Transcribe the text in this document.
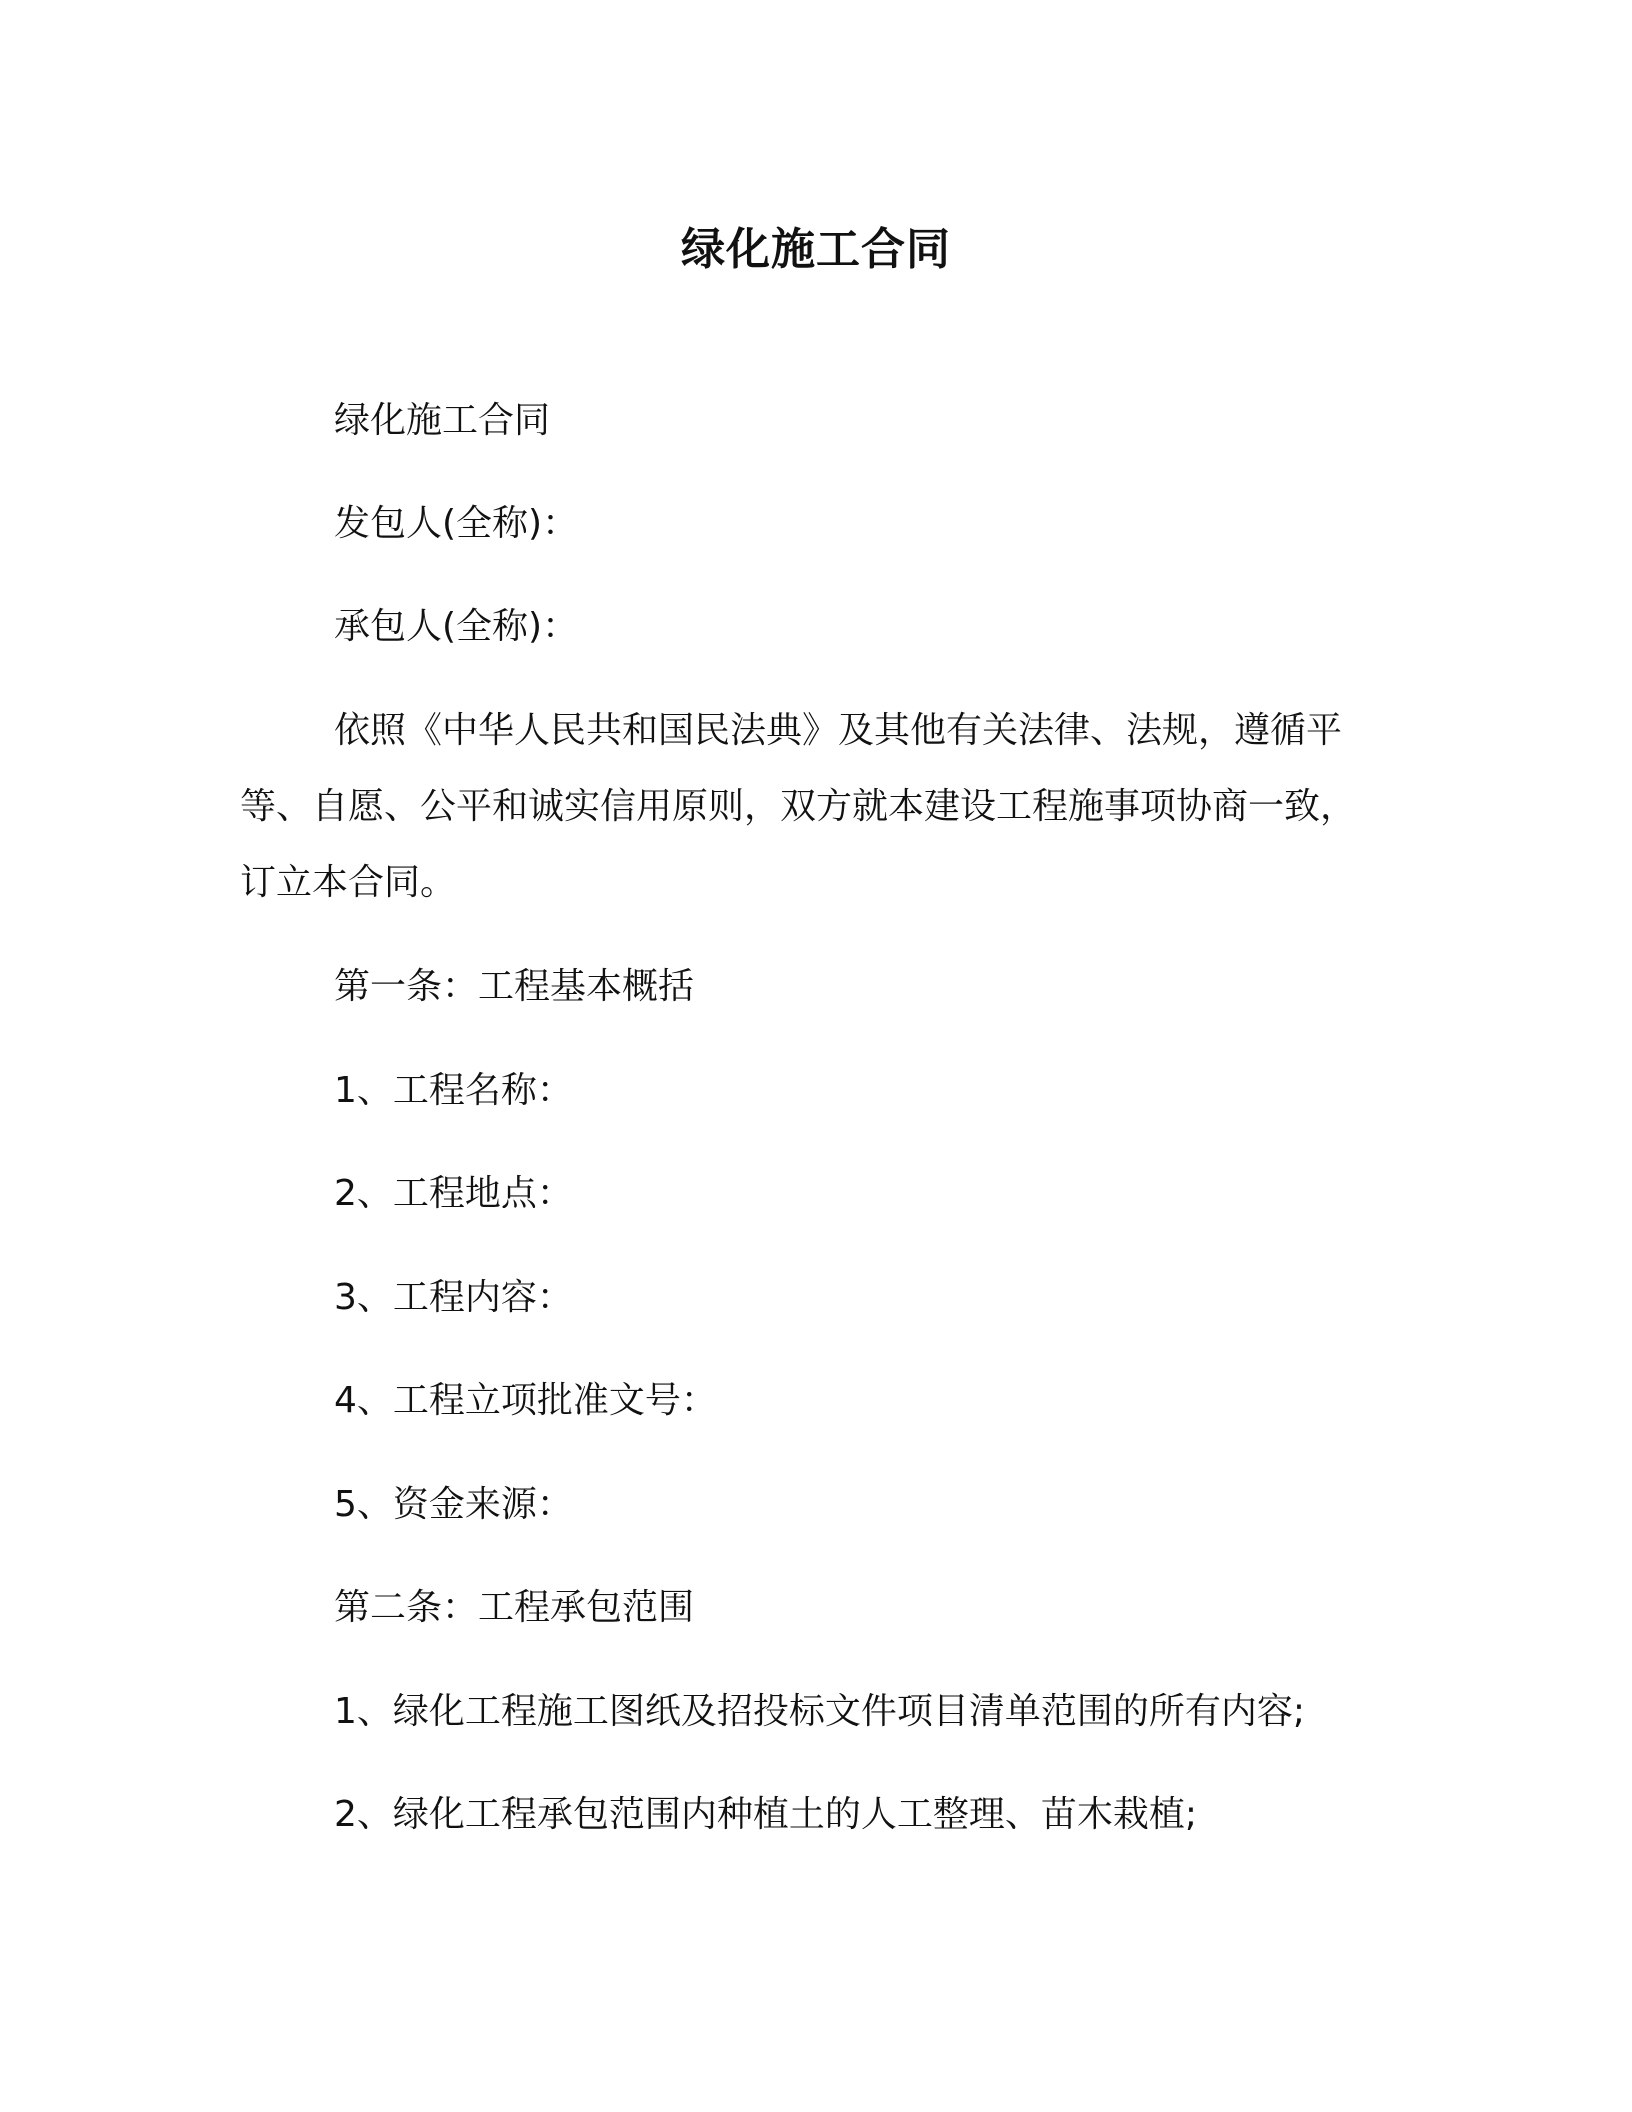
绿化施工合同
绿化施工合同
发包人(全称)：
承包人(全称)：
依照《中华人民共和国民法典》及其他有关法律、法规，遵循平
等、自愿、公平和诚实信用原则，双方就本建设工程施事项协商一致，
订立本合同。
第一条：工程基本概括
1、工程名称：
2、工程地点：
3、工程内容：
4、工程立项批准文号：
5、资金来源：
第二条：工程承包范围
1、绿化工程施工图纸及招投标文件项目清单范围的所有内容;
2、绿化工程承包范围内种植土的人工整理、苗木栽植;
